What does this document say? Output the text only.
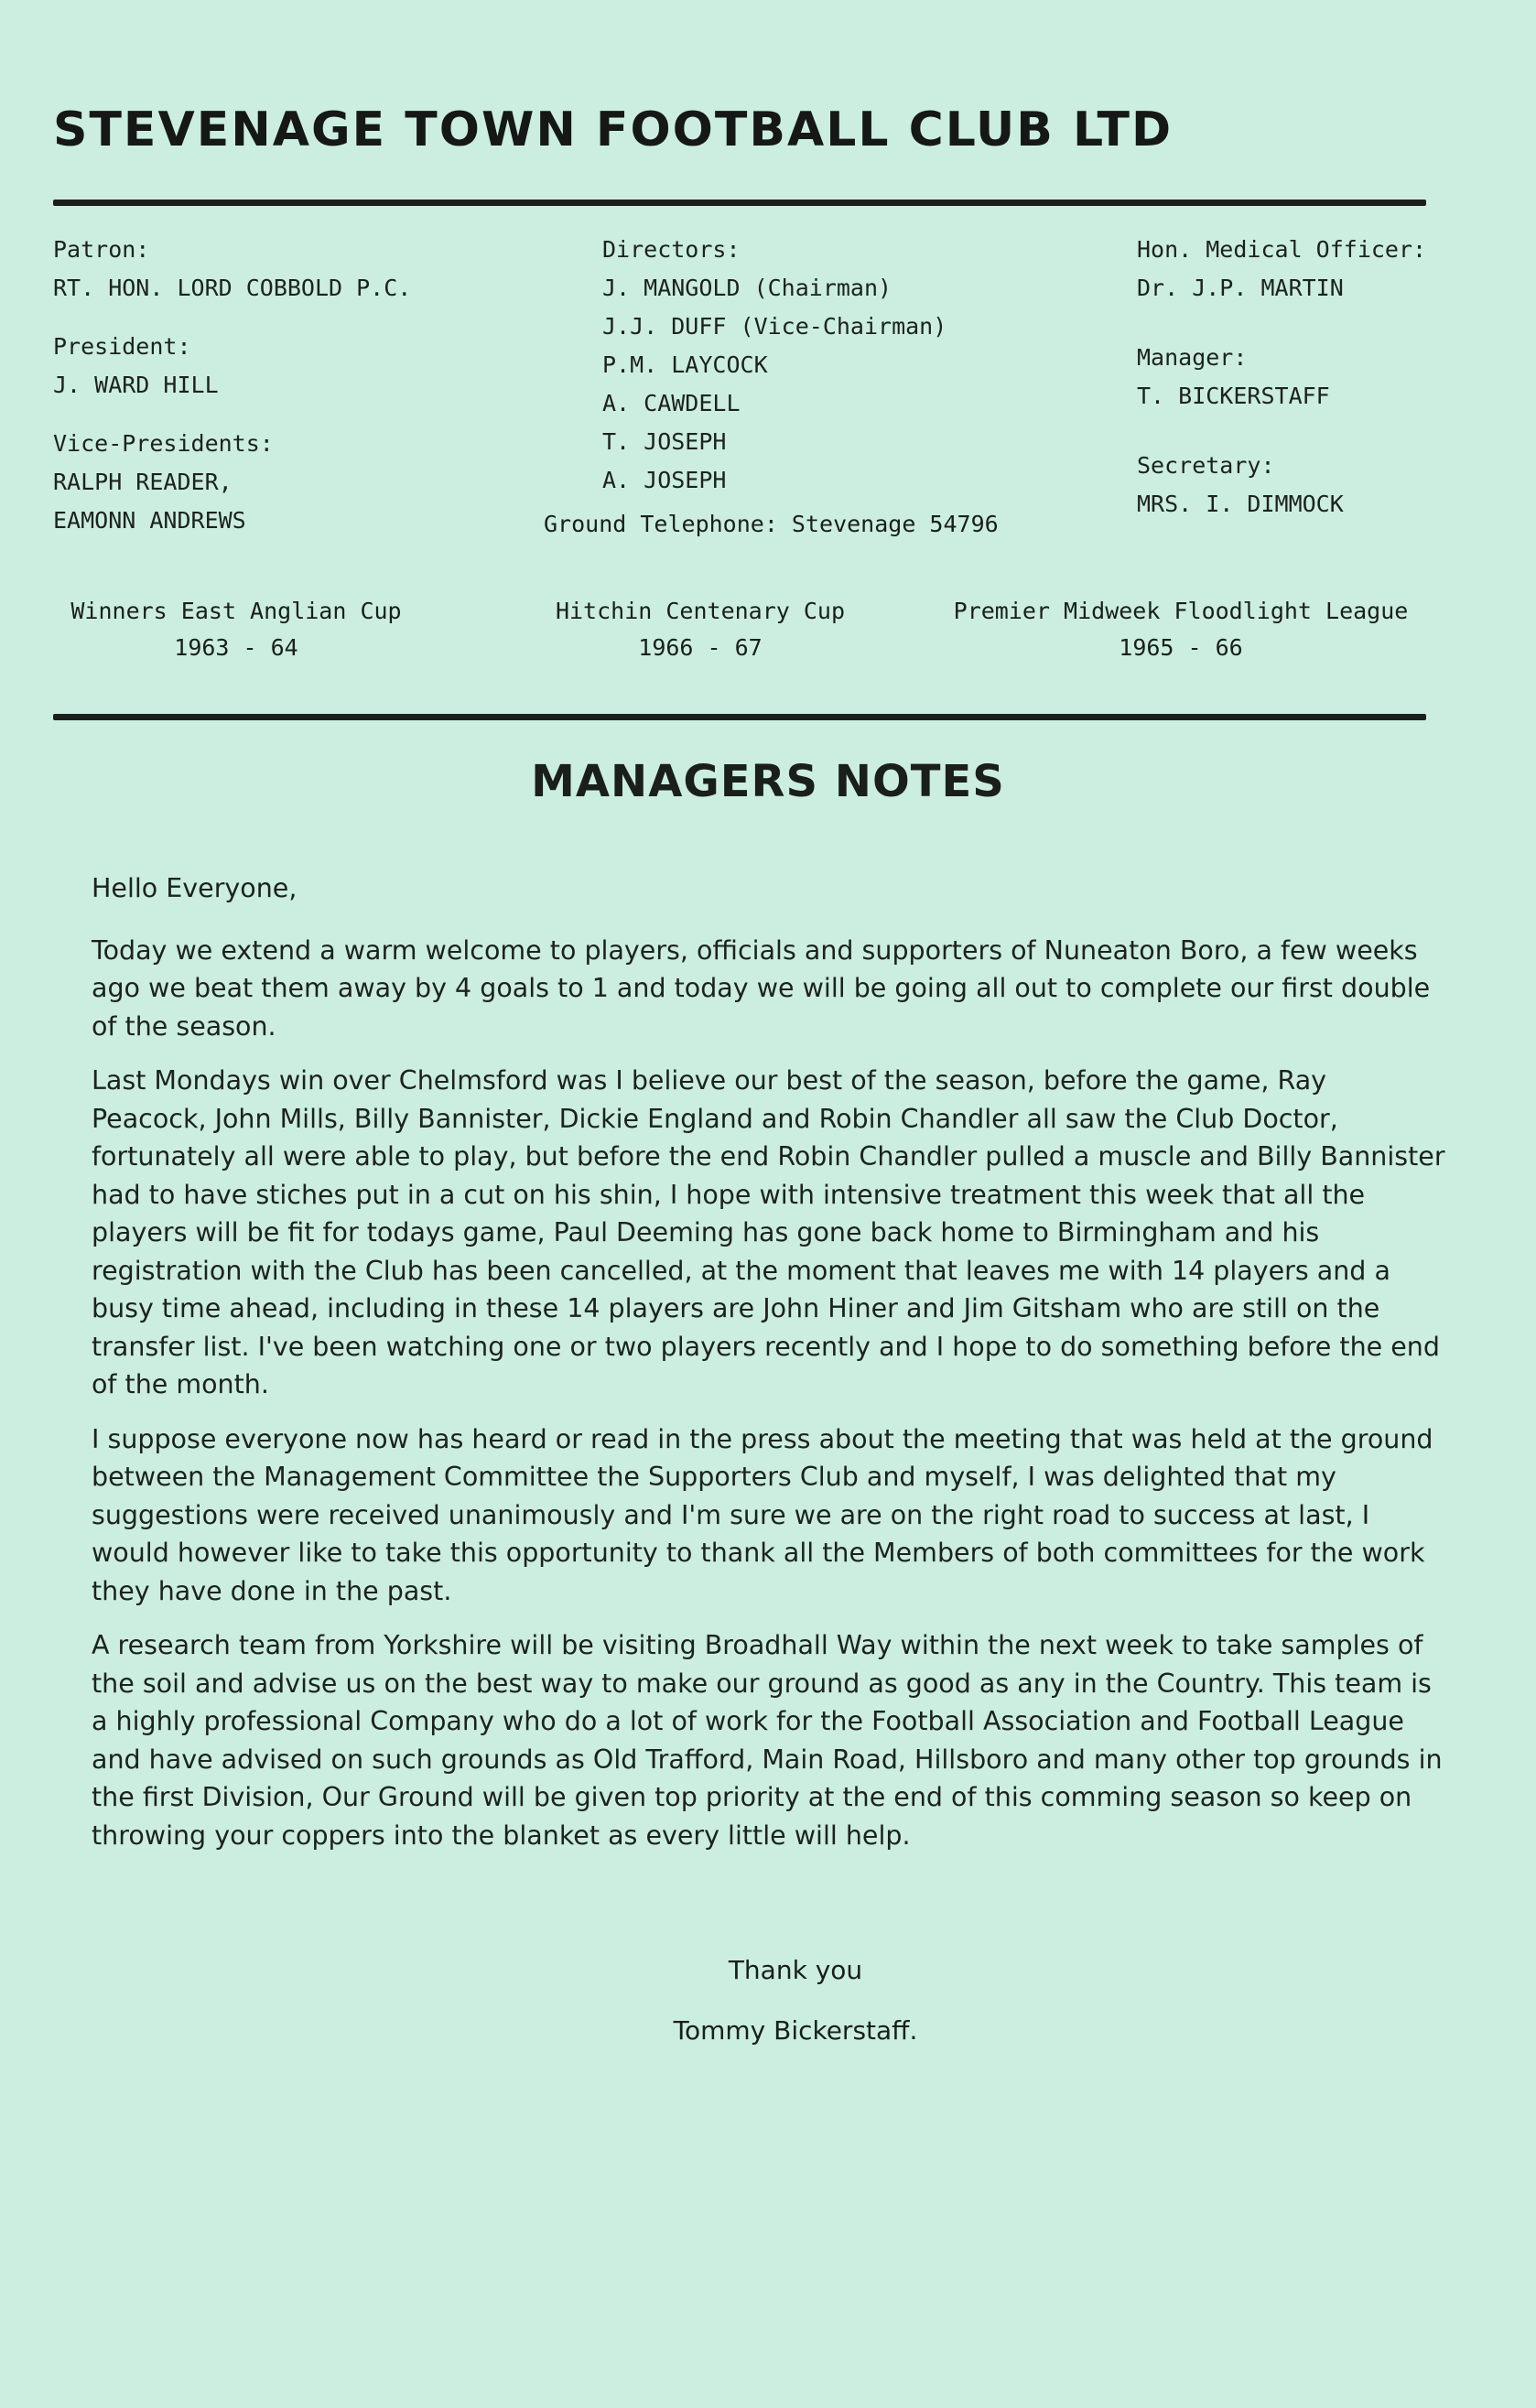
STEVENAGE TOWN FOOTBALL CLUB LTD
Patron:
RT. HON. LORD COBBOLD P.C.
President:
J. WARD HILL
Vice-Presidents:
RALPH READER,
EAMONN ANDREWS
Directors:
J. MANGOLD (Chairman)
J.J. DUFF (Vice-Chairman)
P.M. LAYCOCK
A. CAWDELL
T. JOSEPH
A. JOSEPH
Ground Telephone: Stevenage 54796
Hon. Medical Officer:
Dr. J.P. MARTIN
Manager:
T. BICKERSTAFF
Secretary:
MRS. I. DIMMOCK
Winners East Anglian Cup
1963 - 64
Hitchin Centenary Cup
1966 - 67
Premier Midweek Floodlight League
1965 - 66
MANAGERS NOTES

Hello Everyone,

Today we extend a warm welcome to players, officials and supporters of Nuneaton Boro, a few weeks ago we beat them away by 4 goals to 1 and today we will be going all out to complete our first double of the season.

Last Mondays win over Chelmsford was I believe our best of the season, before the game, Ray Peacock, John Mills, Billy Bannister, Dickie England and Robin Chandler all saw the Club Doctor, fortunately all were able to play, but before the end Robin Chandler pulled a muscle and Billy Bannister had to have stiches put in a cut on his shin, I hope with intensive treatment this week that all the players will be fit for todays game, Paul Deeming has gone back home to Birmingham and his registration with the Club has been cancelled, at the moment that leaves me with 14 players and a busy time ahead, including in these 14 players are John Hiner and Jim Gitsham who are still on the transfer list. I've been watching one or two players recently and I hope to do something before the end of the month.

I suppose everyone now has heard or read in the press about the meeting that was held at the ground between the Management Committee the Supporters Club and myself, I was delighted that my suggestions were received unanimously and I'm sure we are on the right road to success at last, I would however like to take this opportunity to thank all the Members of both committees for the work they have done in the past.

A research team from Yorkshire will be visiting Broadhall Way within the next week to take samples of the soil and advise us on the best way to make our ground as good as any in the Country. This team is a highly professional Company who do a lot of work for the Football Association and Football League and have advised on such grounds as Old Trafford, Main Road, Hillsboro and many other top grounds in the first Division, Our Ground will be given top priority at the end of this comming season so keep on throwing your coppers into the blanket as every little will help.

Thank you
Tommy Bickerstaff.
